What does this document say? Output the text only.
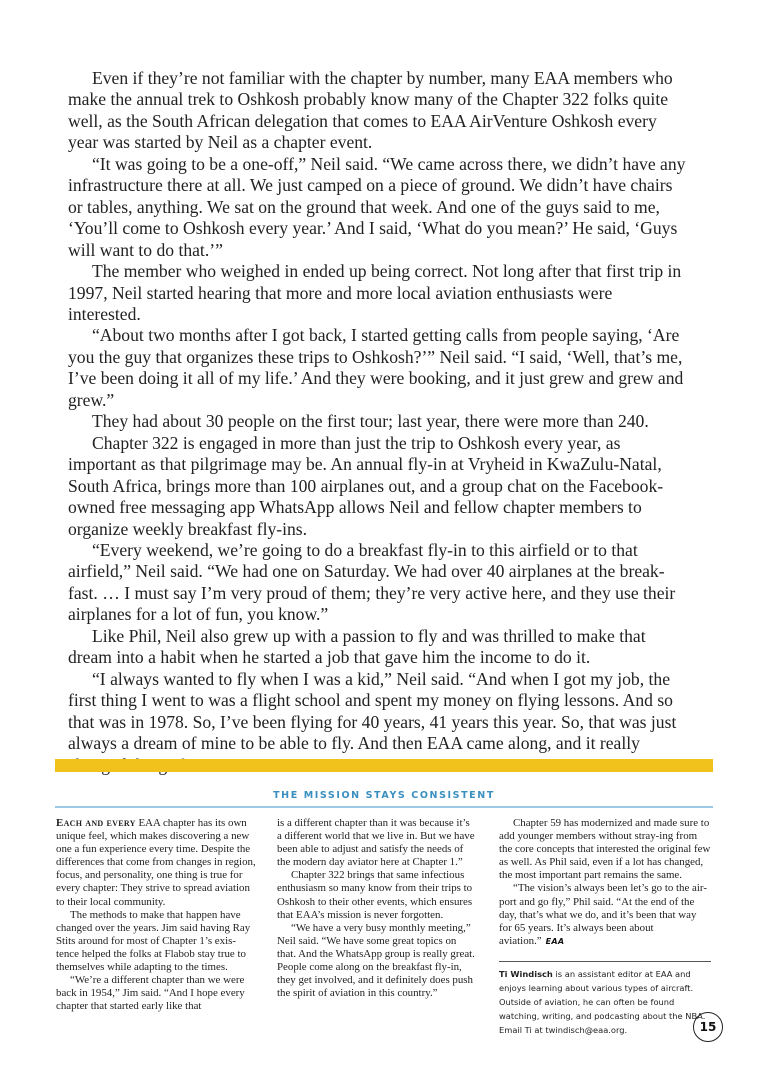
Even if they’re not familiar with the chapter by number, many EAA members who make the annual trek to Oshkosh probably know many of the Chapter 322 folks quite well, as the South African delegation that comes to EAA AirVenture Oshkosh every year was started by Neil as a chapter event.

“It was going to be a one-off,” Neil said. “We came across there, we didn’t have any infrastructure there at all. We just camped on a piece of ground. We didn’t have chairs or tables, anything. We sat on the ground that week. And one of the guys said to me, ‘You’ll come to Oshkosh every year.’ And I said, ‘What do you mean?’ He said, ‘Guys will want to do that.’”

The member who weighed in ended up being correct. Not long after that first trip in 1997, Neil started hearing that more and more local aviation enthusiasts were interested.

“About two months after I got back, I started getting calls from people saying, ‘Are you the guy that organizes these trips to Oshkosh?’” Neil said. “I said, ‘Well, that’s me, I’ve been doing it all of my life.’ And they were booking, and it just grew and grew and grew.”

They had about 30 people on the first tour; last year, there were more than 240.

Chapter 322 is engaged in more than just the trip to Oshkosh every year, as important as that pilgrimage may be. An annual fly-in at Vryheid in KwaZulu-Natal, South Africa, brings more than 100 airplanes out, and a group chat on the Facebook-owned free messaging app WhatsApp allows Neil and fellow chapter members to organize weekly breakfast fly-ins.

“Every weekend, we’re going to do a breakfast fly-in to this airfield or to that airfield,” Neil said. “We had one on Saturday. We had over 40 airplanes at the break-fast. … I must say I’m very proud of them; they’re very active here, and they use their airplanes for a lot of fun, you know.”

Like Phil, Neil also grew up with a passion to fly and was thrilled to make that dream into a habit when he started a job that gave him the income to do it.

“I always wanted to fly when I was a kid,” Neil said. “And when I got my job, the first thing I went to was a flight school and spent my money on flying lessons. And so that was in 1978. So, I’ve been flying for 40 years, 41 years this year. So, that was just always a dream of mine to be able to fly. And then EAA came along, and it really

THE MISSION STAYS CONSISTENT

Each and every EAA chapter has its own unique feel, which makes discovering a new one a fun experience every time. Despite the differences that come from changes in region, focus, and personality, one thing is true for every chapter: They strive to spread aviation to their local community.

The methods to make that happen have changed over the years. Jim said having Ray Stits around for most of Chapter 1’s exis-tence helped the folks at Flabob stay true to themselves while adapting to the times.

“We’re a different chapter than we were back in 1954,” Jim said. “And I hope every chapter that started early like that

is a different chapter than it was because it’s a different world that we live in. But we have been able to adjust and satisfy the needs of the modern day aviator here at Chapter 1.”

Chapter 322 brings that same infectious enthusiasm so many know from their trips to Oshkosh to their other events, which ensures that EAA’s mission is never forgotten.

“We have a very busy monthly meeting,” Neil said. “We have some great topics on that. And the WhatsApp group is really great. People come along on the breakfast fly-in, they get involved, and it definitely does push the spirit of aviation in this country.”

Chapter 59 has modernized and made sure to add younger members without stray-ing from the core concepts that interested the original few as well. As Phil said, even if a lot has changed, the most important part remains the same.

“The vision’s always been let’s go to the air-port and go fly,” Phil said. “At the end of the day, that’s what we do, and it’s been that way for 65 years. It’s always been about aviation.” EAA

Ti Windisch is an assistant editor at EAA and enjoys learning about various types of aircraft. Outside of aviation, he can often be found watching, writing, and podcasting about the NBA. Email Ti at twindisch@eaa.org.	15
